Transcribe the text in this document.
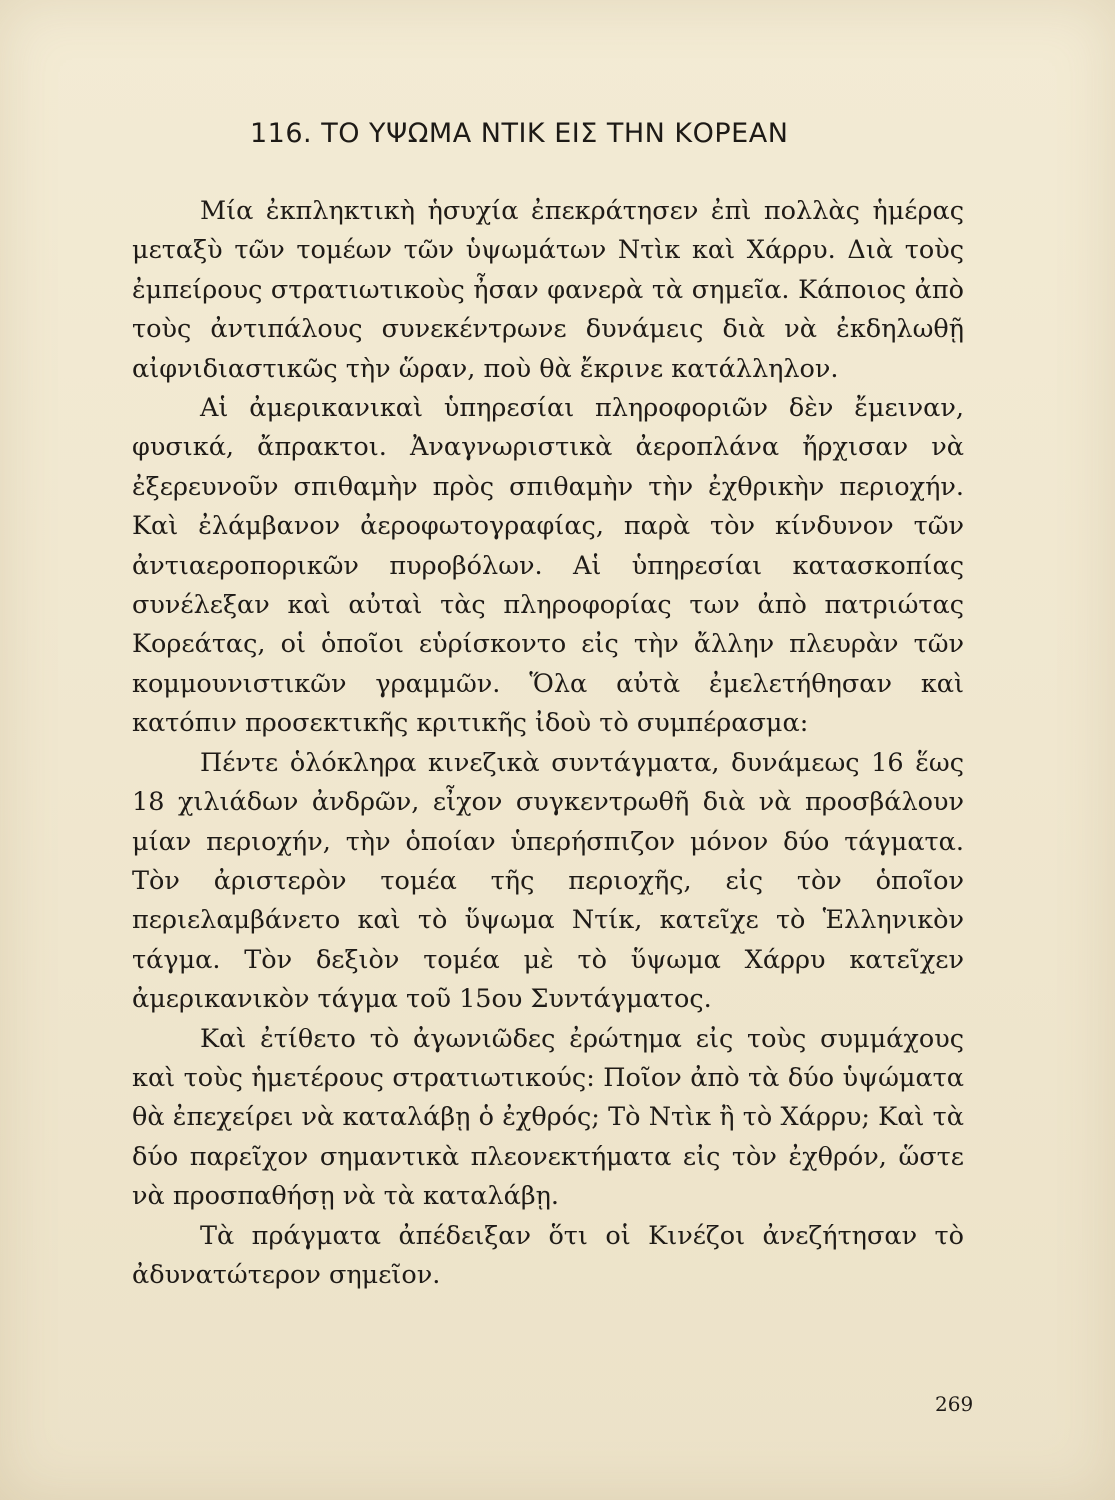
116. ΤΟ ΥΨΩΜΑ ΝΤΙΚ ΕΙΣ ΤΗΝ ΚΟΡΕΑΝ

Μία ἐκπληκτικὴ ἡσυχία ἐπεκράτησεν ἐπὶ πολλὰς ἡμέρας μεταξὺ τῶν τομέων τῶν ὑψωμάτων Ντὶκ καὶ Χάρρυ. Διὰ τοὺς ἐμπείρους στρατιωτικοὺς ἦσαν φανερὰ τὰ σημεῖα. Κάποιος ἀπὸ τοὺς ἀντιπάλους συνεκέντρωνε δυνάμεις διὰ νὰ ἐκδηλωθῇ αἰφνιδιαστικῶς τὴν ὥραν, ποὺ θὰ ἔκρινε κατάλληλον.

Αἱ ἀμερικανικαὶ ὑπηρεσίαι πληροφοριῶν δὲν ἔμειναν, φυσικά, ἄπρακτοι. Ἀναγνωριστικὰ ἀεροπλάνα ἤρχισαν νὰ ἐξερευνοῦν σπιθαμὴν πρὸς σπιθαμὴν τὴν ἐχθρικὴν περιοχήν. Καὶ ἐλάμβανον ἀεροφωτογραφίας, παρὰ τὸν κίνδυνον τῶν ἀντιαεροπορικῶν πυροβόλων. Αἱ ὑπηρεσίαι κατασκοπίας συνέλεξαν καὶ αὐταὶ τὰς πληροφορίας των ἀπὸ πατριώτας Κορεάτας, οἱ ὁποῖοι εὑρίσκοντο εἰς τὴν ἄλλην πλευρὰν τῶν κομμουνιστικῶν γραμμῶν. Ὅλα αὐτὰ ἐμελετήθησαν καὶ κατόπιν προσεκτικῆς κριτικῆς ἰδοὺ τὸ συμπέρασμα:

Πέντε ὁλόκληρα κινεζικὰ συντάγματα, δυνάμεως 16 ἕως 18 χιλιάδων ἀνδρῶν, εἶχον συγκεντρωθῆ διὰ νὰ προσβάλουν μίαν περιοχήν, τὴν ὁποίαν ὑπερήσπιζον μόνον δύο τάγματα. Τὸν ἀριστερὸν τομέα τῆς περιοχῆς, εἰς τὸν ὁποῖον περιελαμβάνετο καὶ τὸ ὕψωμα Ντίκ, κατεῖχε τὸ Ἑλληνικὸν τάγμα. Τὸν δεξιὸν τομέα μὲ τὸ ὕψωμα Χάρρυ κατεῖχεν ἀμερικανικὸν τάγμα τοῦ 15ου Συντάγματος.

Καὶ ἐτίθετο τὸ ἀγωνιῶδες ἐρώτημα εἰς τοὺς συμμάχους καὶ τοὺς ἡμετέρους στρατιωτικούς: Ποῖον ἀπὸ τὰ δύο ὑψώματα θὰ ἐπεχείρει νὰ καταλάβῃ ὁ ἐχθρός; Τὸ Ντὶκ ἢ τὸ Χάρρυ; Καὶ τὰ δύο παρεῖχον σημαντικὰ πλεονεκτήματα εἰς τὸν ἐχθρόν, ὥστε νὰ προσπαθήσῃ νὰ τὰ καταλάβῃ.

Τὰ πράγματα ἀπέδειξαν ὅτι οἱ Κινέζοι ἀνεζήτησαν τὸ ἀδυνατώτερον σημεῖον.

269
